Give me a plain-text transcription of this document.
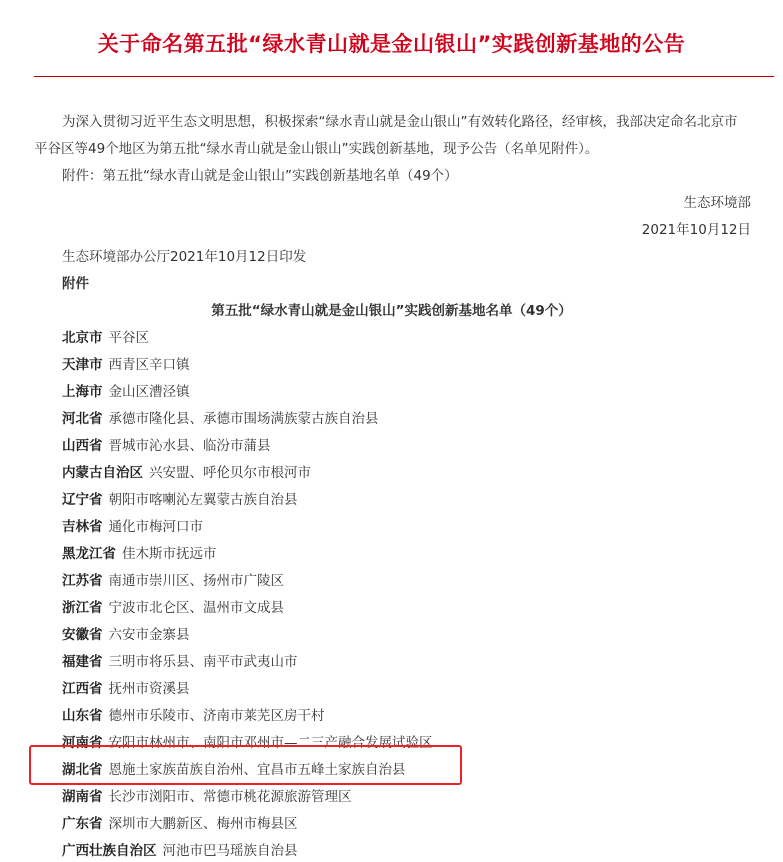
关于命名第五批“绿水青山就是金山银山”实践创新基地的公告
为深入贯彻习近平生态文明思想，积极探索“绿水青山就是金山银山”有效转化路径，经审核，我部决定命名北京市
平谷区等49个地区为第五批“绿水青山就是金山银山”实践创新基地，现予公告（名单见附件）。
附件：第五批“绿水青山就是金山银山”实践创新基地名单（49个）
生态环境部
2021年10月12日
生态环境部办公厅2021年10月12日印发
附件
第五批“绿水青山就是金山银山”实践创新基地名单（49个）
北京市 平谷区
天津市 西青区辛口镇
上海市 金山区漕泾镇
河北省 承德市隆化县、承德市围场满族蒙古族自治县
山西省 晋城市沁水县、临汾市蒲县
内蒙古自治区 兴安盟、呼伦贝尔市根河市
辽宁省 朝阳市喀喇沁左翼蒙古族自治县
吉林省 通化市梅河口市
黑龙江省 佳木斯市抚远市
江苏省 南通市崇川区、扬州市广陵区
浙江省 宁波市北仑区、温州市文成县
安徽省 六安市金寨县
福建省 三明市将乐县、南平市武夷山市
江西省 抚州市资溪县
山东省 德州市乐陵市、济南市莱芜区房干村
河南省 安阳市林州市、南阳市邓州市—二三产融合发展试验区
湖北省 恩施土家族苗族自治州、宜昌市五峰土家族自治县
湖南省 长沙市浏阳市、常德市桃花源旅游管理区
广东省 深圳市大鹏新区、梅州市梅县区
广西壮族自治区 河池市巴马瑶族自治县
